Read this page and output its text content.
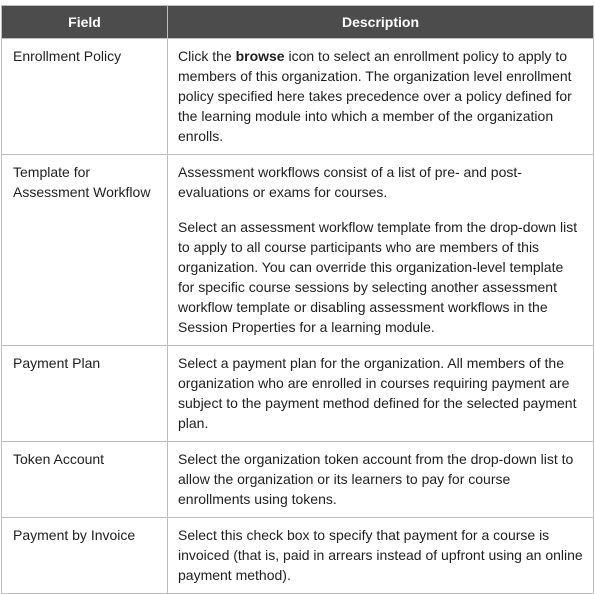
Field	Description
Enrollment Policy	Click the browse icon to select an enrollment policy to apply to members of this organization. The organization level enrollment policy specified here takes precedence over a policy defined for the learning module into which a member of the organization enrolls.

Template for Assessment Workflow	Assessment workflows consist of a list of pre- and post-evaluations or exams for courses.

Select an assessment workflow template from the drop-down list to apply to all course participants who are members of this organization. You can override this organization-level template for specific course sessions by selecting another assessment workflow template or disabling assessment workflows in the Session Properties for a learning module.

Payment Plan	Select a payment plan for the organization. All members of the organization who are enrolled in courses requiring payment are subject to the payment method defined for the selected payment plan.

Token Account	Select the organization token account from the drop-down list to allow the organization or its learners to pay for course enrollments using tokens.

Payment by Invoice	Select this check box to specify that payment for a course is invoiced (that is, paid in arrears instead of upfront using an online payment method).
